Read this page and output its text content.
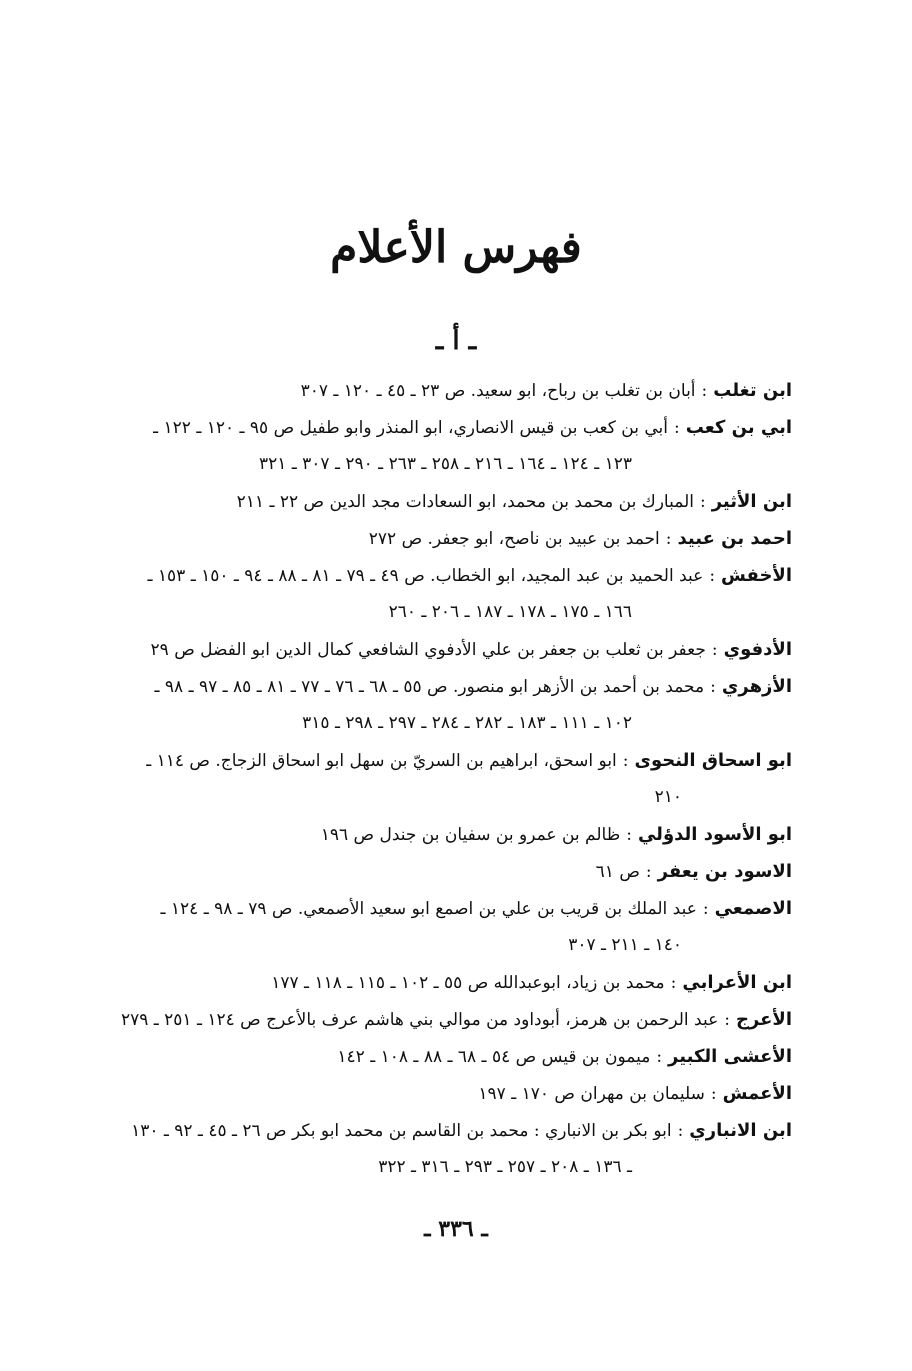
فهرس الأعلام
ـ أ ـ
ابن تغلب:أبان بن تغلب بن رباح، ابو سعيد. ص ٢٣ ـ ٤٥ ـ ١٢٠ ـ ٣٠٧
ابي بن كعب:أبي بن كعب بن قيس الانصاري، ابو المنذر وابو طفيل ص ٩٥ ـ ١٢٠ ـ ١٢٢ ـ
١٢٣ ـ ١٢٤ ـ ١٦٤ ـ ٢١٦ ـ ٢٥٨ ـ ٢٦٣ ـ ٢٩٠ ـ ٣٠٧ ـ ٣٢١
ابن الأثير:المبارك بن محمد بن محمد، ابو السعادات مجد الدين ص ٢٢ ـ ٢١١
احمد بن عبيد:احمد بن عبيد بن ناصح، ابو جعفر. ص ٢٧٢
الأخفش:عبد الحميد بن عبد المجيد، ابو الخطاب. ص ٤٩ ـ ٧٩ ـ ٨١ ـ ٨٨ ـ ٩٤ ـ ١٥٠ ـ ١٥٣ ـ
١٦٦ ـ ١٧٥ ـ ١٧٨ ـ ١٨٧ ـ ٢٠٦ ـ ٢٦٠
الأدفوي:جعفر بن ثعلب بن جعفر بن علي الأدفوي الشافعي كمال الدين ابو الفضل ص ٢٩
الأزهري:محمد بن أحمد بن الأزهر ابو منصور. ص ٥٥ ـ ٦٨ ـ ٧٦ ـ ٧٧ ـ ٨١ ـ ٨٥ ـ ٩٧ ـ ٩٨ ـ
١٠٢ ـ ١١١ ـ ١٨٣ ـ ٢٨٢ ـ ٢٨٤ ـ ٢٩٧ ـ ٢٩٨ ـ ٣١٥
ابو اسحاق النحوى:ابو اسحق، ابراهيم بن السريّ بن سهل ابو اسحاق الزجاج. ص ١١٤ ـ
٢١٠
ابو الأسود الدؤلي:ظالم بن عمرو بن سفيان بن جندل ص ١٩٦
الاسود بن يعفر:ص ٦١
الاصمعي:عبد الملك بن قريب بن علي بن اصمع ابو سعيد الأصمعي. ص ٧٩ ـ ٩٨ ـ ١٢٤ ـ
١٤٠ ـ ٢١١ ـ ٣٠٧
ابن الأعرابي:محمد بن زياد، ابوعبدالله ص ٥٥ ـ ١٠٢ ـ ١١٥ ـ ١١٨ ـ ١٧٧
الأعرج:عبد الرحمن بن هرمز، أبوداود من موالي بني هاشم عرف بالأعرج ص ١٢٤ ـ ٢٥١ ـ ٢٧٩
الأعشى الكبير:ميمون بن قيس ص ٥٤ ـ ٦٨ ـ ٨٨ ـ ١٠٨ ـ ١٤٢
الأعمش:سليمان بن مهران ص ١٧٠ ـ ١٩٧
ابن الانباري:ابو بكر بن الانباري : محمد بن القاسم بن محمد ابو بكر ص ٢٦ ـ ٤٥ ـ ٩٢ ـ ١٣٠
ـ ١٣٦ ـ ٢٠٨ ـ ٢٥٧ ـ ٢٩٣ ـ ٣١٦ ـ ٣٢٢
ـ ٣٣٦ ـ
